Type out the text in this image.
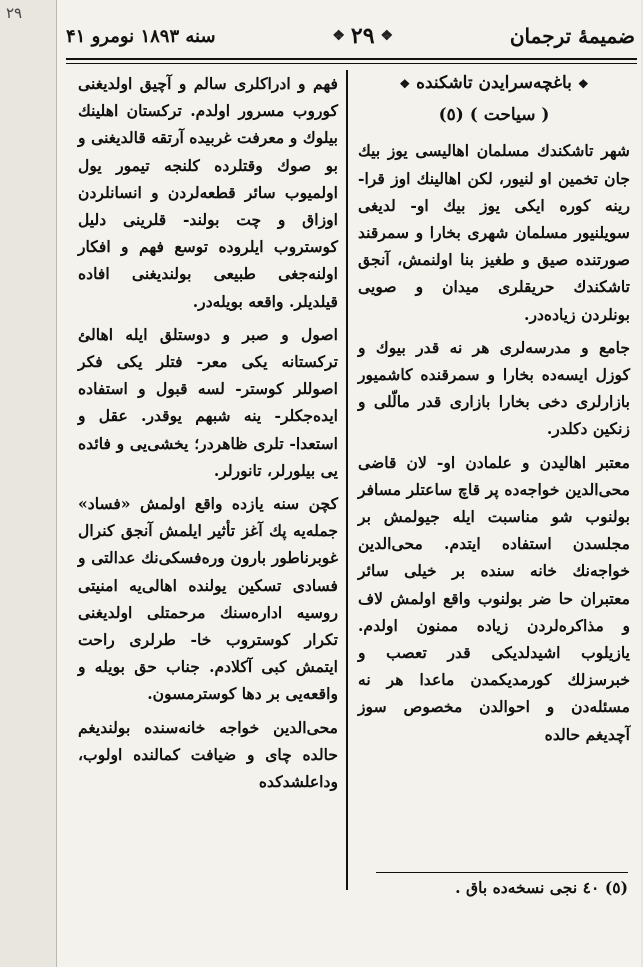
۲۹
ضمیمۀ ترجمان
❖
۲۹
❖
سنه ۱۸۹۳ نومرو ۴۱
❖باغچه‌سرایدن تاشکنده❖
( سیاحت ) (٥)

شهر تاشکندك مسلمان اهالیسی یوز بیك جان تخمین او لنیور، لكن اهالینك اوز قرا- رینه کوره ایکی یوز بیك او- لدیغی سویلنیور مسلمان شهری بخارا و سمرقند صورتنده صیق و طغیز بنا اولنمش، آنجق تاشکندك حریقلری میدان و صویی بونلردن زیاده‌در.

جامع و مدرسه‌لری هر نه قدر بیوك و کوزل ایسه‌ده بخارا و سمرقنده کاشمیور بازارلری دخی بخارا بازاری قدر مالّلی و زنکین دکلدر.

معتبر اهالیدن و علمادن او- لان قاضی محی‌الدین خواجه‌ده پر قاچ ساعتلر مسافر بولنوب شو مناسبت ایله جیولمش بر مجلسدن استفاده ایتدم. محی‌الدین خواجه‌نك خانه سنده بر خیلی سائر معتبران حا ضر بولنوب واقع اولمش لاف و مذاکره‌لردن زیاده ممنون اولدم. یازیلوب اشیدلدیکی قدر تعصب و خبرسزلك کورمدیکمدن ماعدا هر نه مسئله‌دن و احوالدن مخصوص سوز آچدیغم حالده

فهم و ادراکلری سالم و آچیق اولدیغنی کوروب مسرور اولدم. ترکستان اهلینك بیلوك و معرفت غربیده آرتقه قالدیغنی و بو صوك وقتلرده کلنجه تیمور یول اولمیوب سائر قطعه‌لردن و انسانلردن اوزاق و چت بولند- قلرینی دلیل کوستروب ایلروده توسع فهم و افکار اولنه‌جغی طبیعی بولندیغنی افاده قیلدیلر. واقعه بویله‌در.

اصول و صبر و دوستلق ایله اهالئ ترکستانه یکی معر- فتلر یکی فکر اصوللر کوستر- لسه قبول و استفاده ایده‌جکلر- ینه شبهم یوقدر. عقل و استعدا- تلری ظاهردر؛ یخشی‌یی و فائده یی بیلورلر، تانورلر.

کچن سنه یازده واقع اولمش «فساد» جمله‌یه پك آغز تأثیر ایلمش آنجق کنرال غوبرناطور بارون وره‌فسکی‌نك عدالتی و فسادی تسکین یولنده اهالی‌یه امنیتی روسیه اداره‌سنك مرحمتلی اولدیغنی تکرار کوستروب خا- طرلری راحت ایتمش کبی آکلادم. جناب حق بویله و واقعه‌یی بر دها کوسترمسون.

محی‌الدین خواجه خانه‌سنده بولندیغم حالده چای و ضیافت کمالنده اولوب، وداعلشدکده

(٥) ٤٠ نجی نسخه‌ده باق .
